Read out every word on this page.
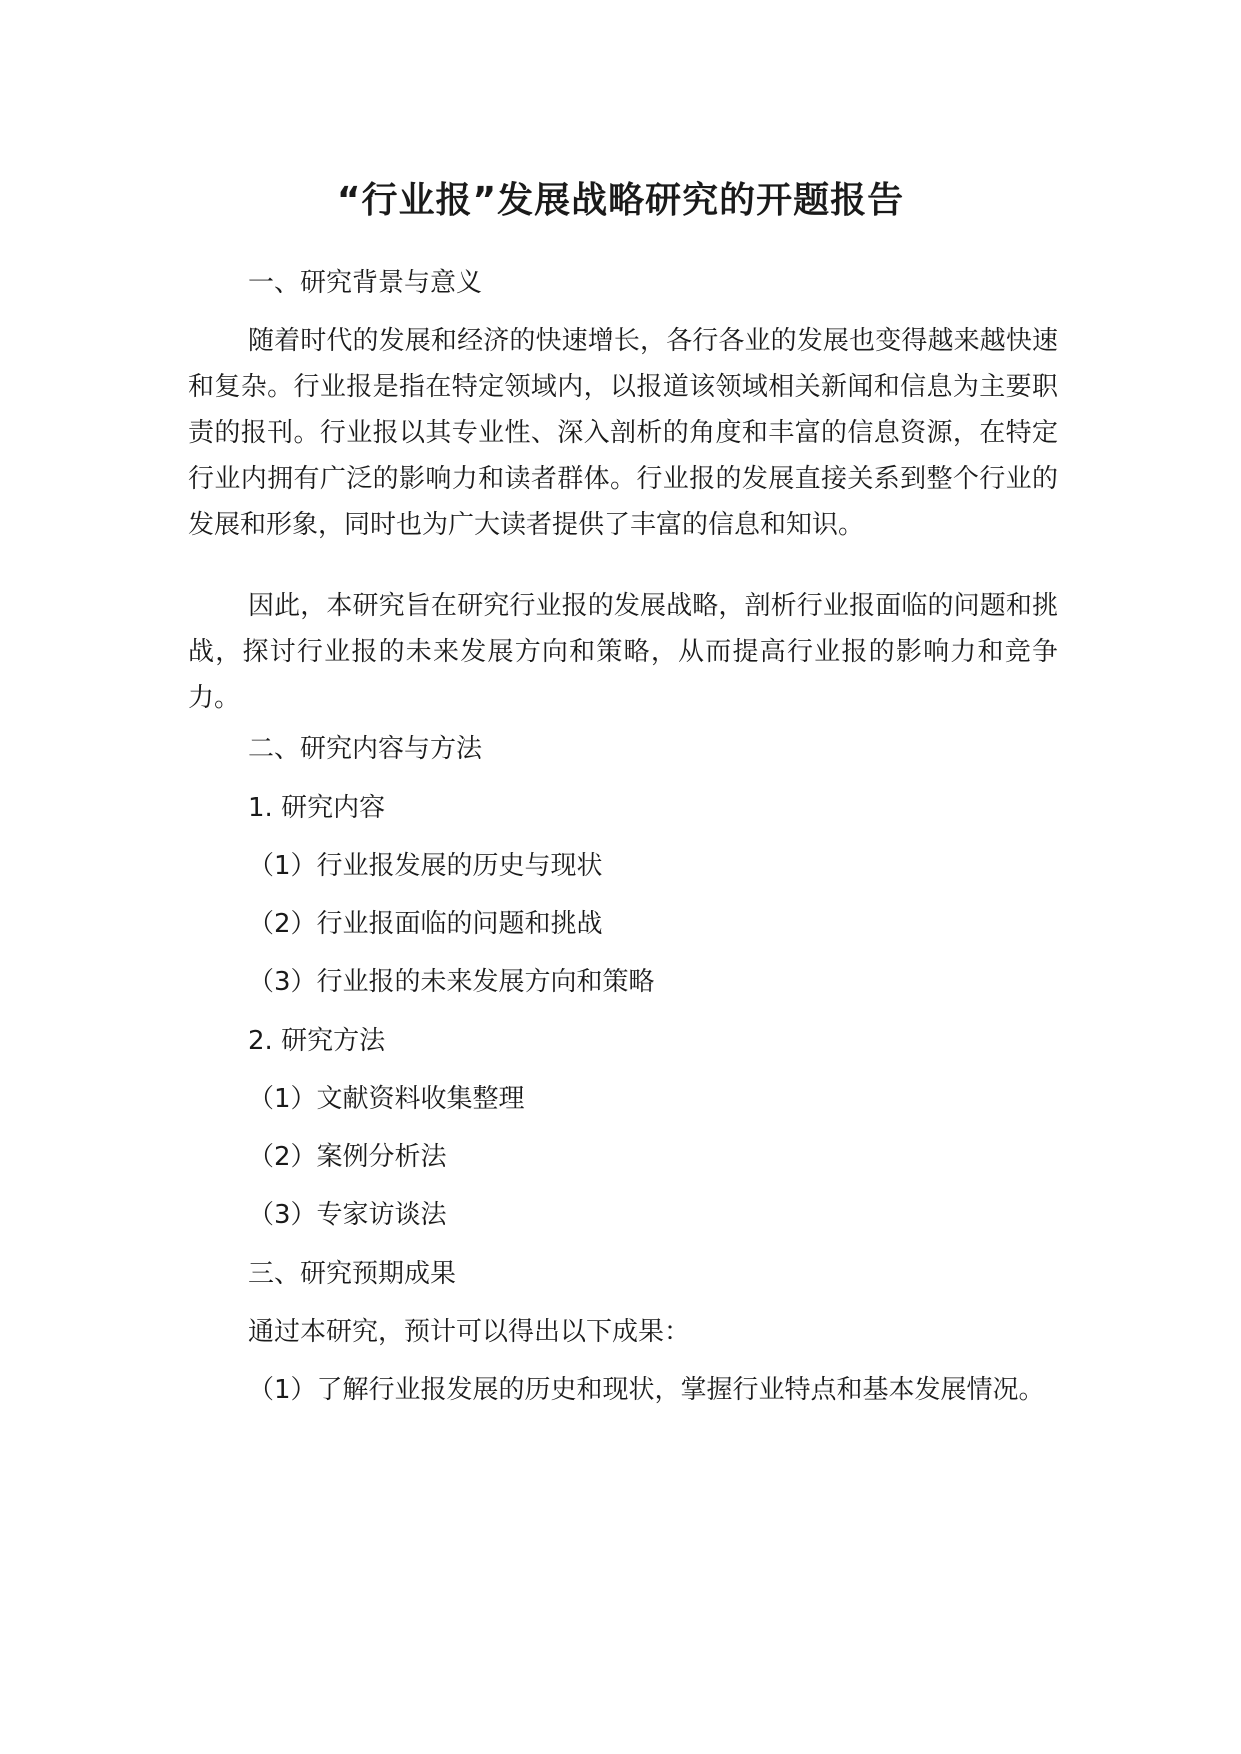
“行业报”发展战略研究的开题报告
一、研究背景与意义
随着时代的发展和经济的快速增长，各行各业的发展也变得越来越快速和复杂。行业报是指在特定领域内，以报道该领域相关新闻和信息为主要职责的报刊。行业报以其专业性、深入剖析的角度和丰富的信息资源，在特定行业内拥有广泛的影响力和读者群体。行业报的发展直接关系到整个行业的发展和形象，同时也为广大读者提供了丰富的信息和知识。
因此，本研究旨在研究行业报的发展战略，剖析行业报面临的问题和挑战，探讨行业报的未来发展方向和策略，从而提高行业报的影响力和竞争力。
二、研究内容与方法
1. 研究内容
（1）行业报发展的历史与现状
（2）行业报面临的问题和挑战
（3）行业报的未来发展方向和策略
2. 研究方法
（1）文献资料收集整理
（2）案例分析法
（3）专家访谈法
三、研究预期成果
通过本研究，预计可以得出以下成果：
（1）了解行业报发展的历史和现状，掌握行业特点和基本发展情况。
